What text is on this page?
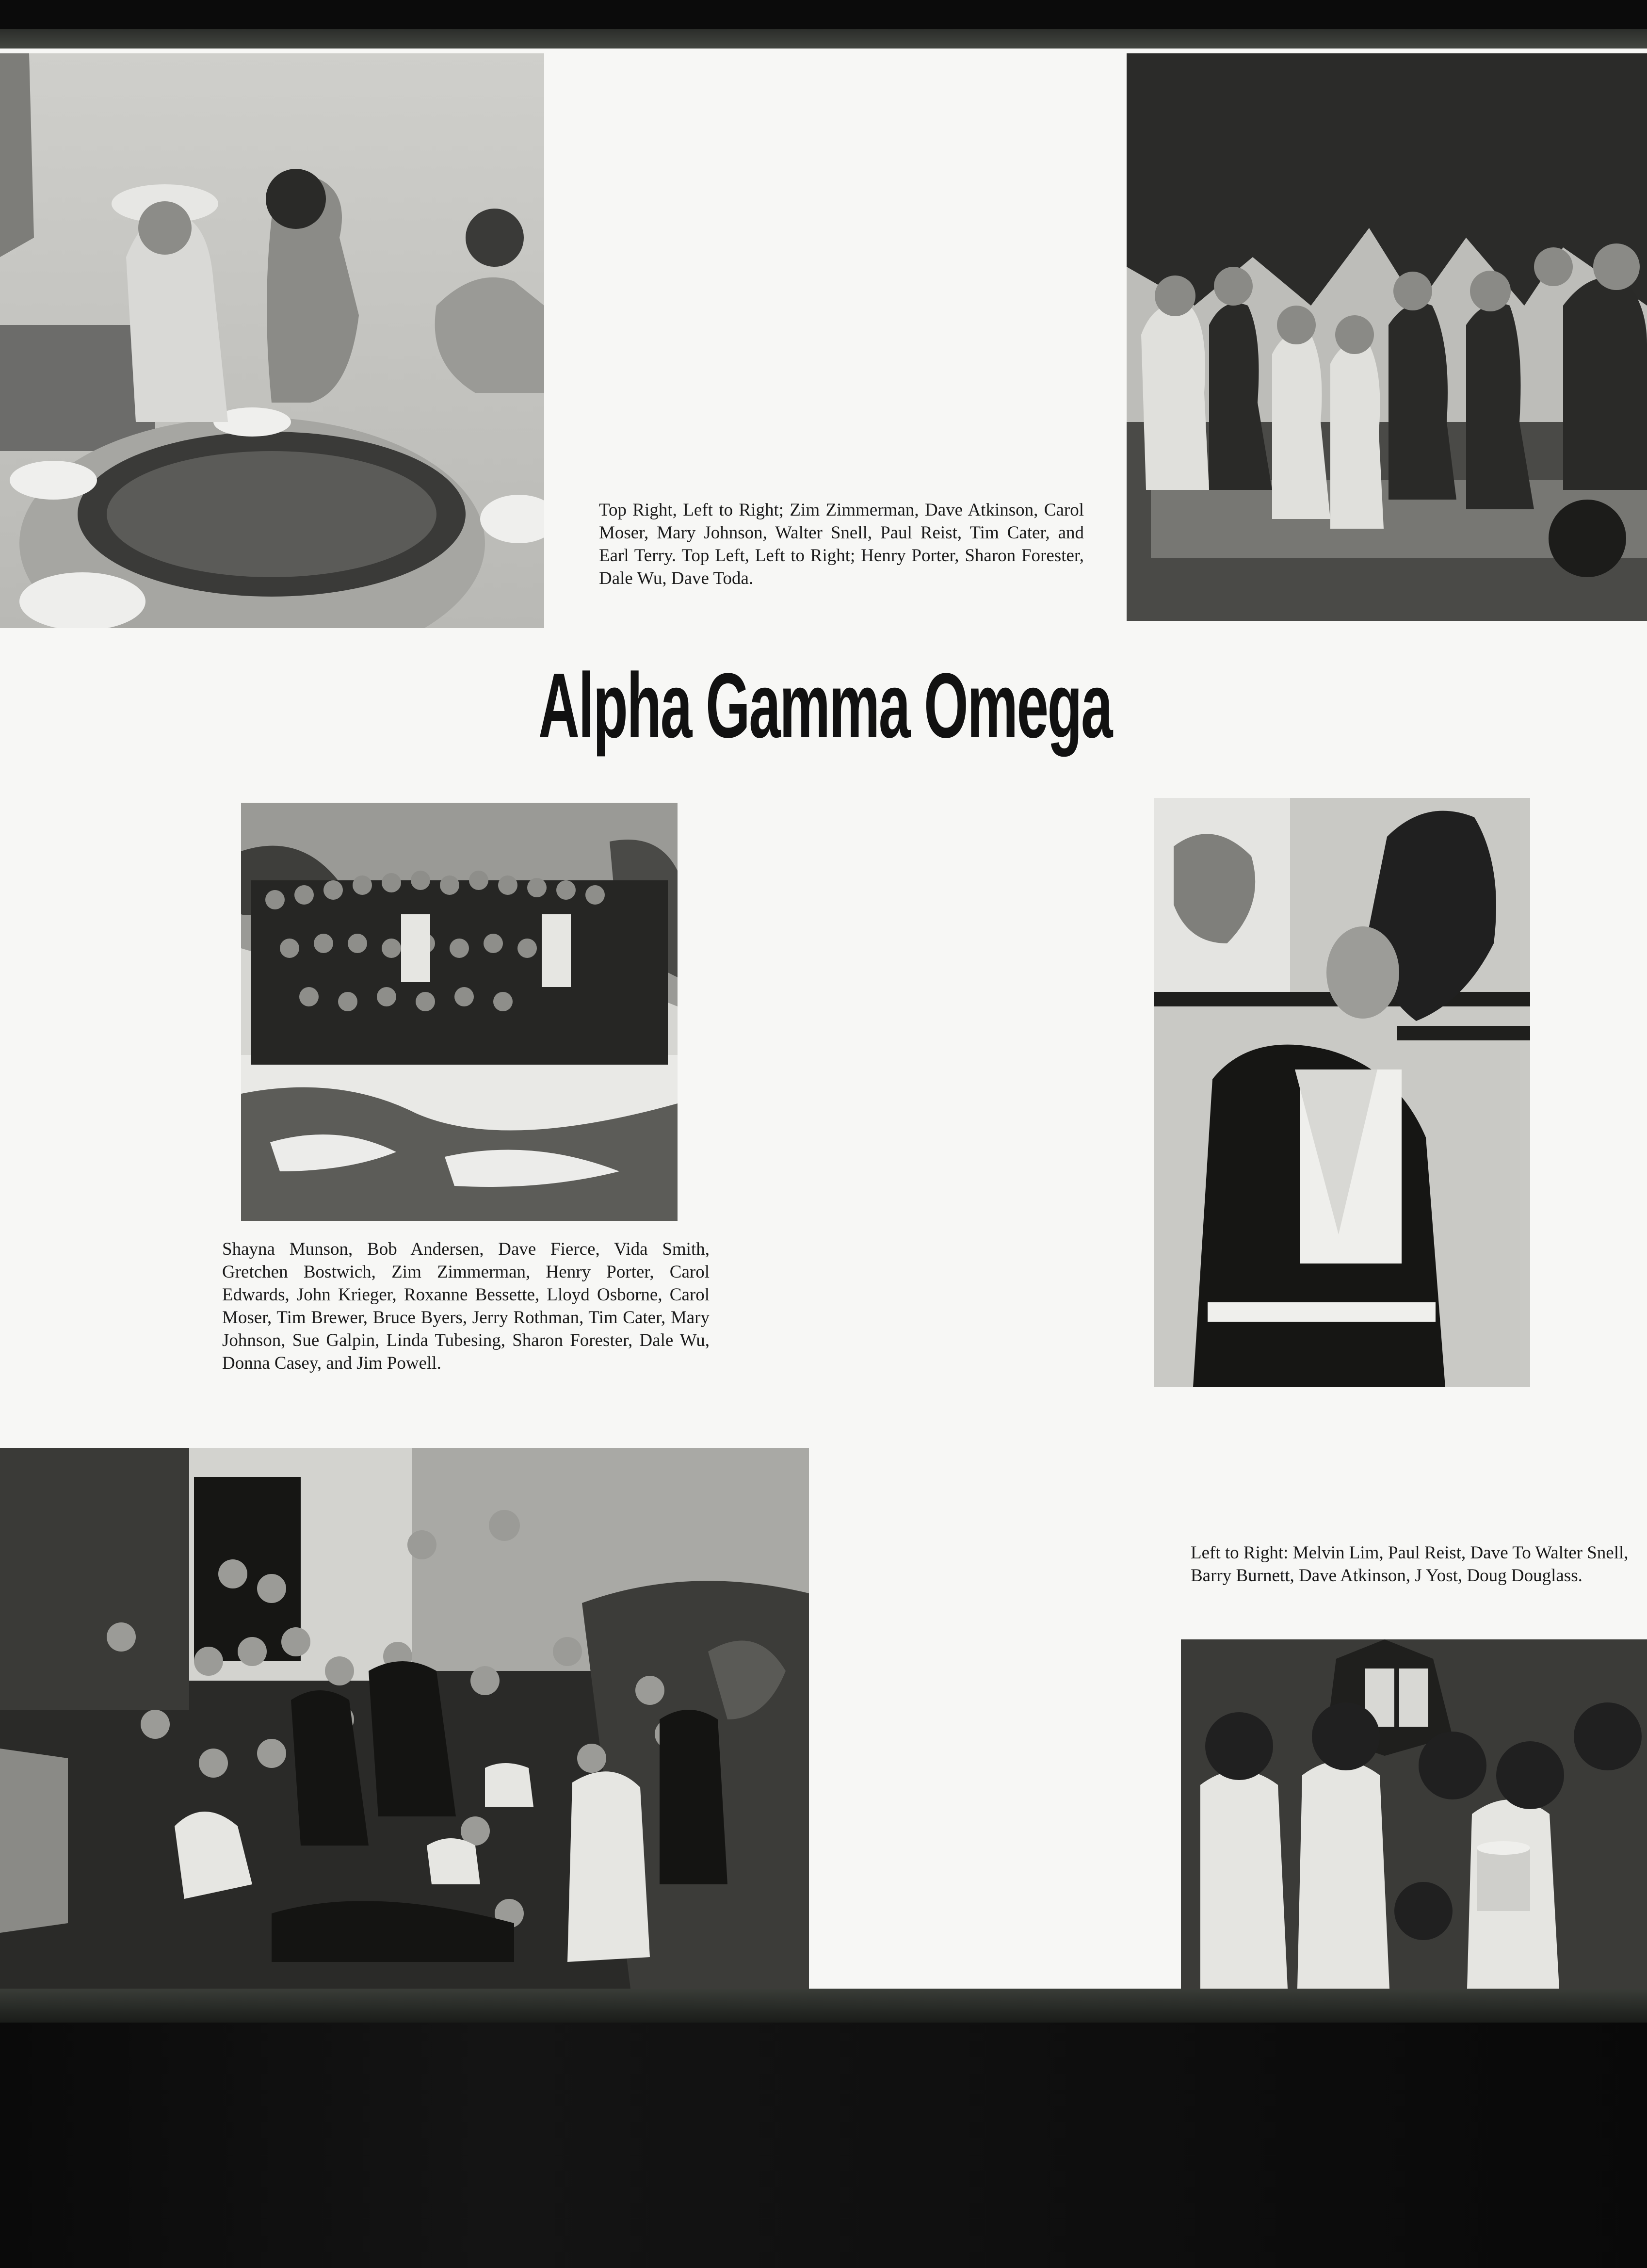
Top Right, Left to Right; Zim Zimmerman, Dave Atkinson, Carol Moser, Mary Johnson, Walter Snell, Paul Reist, Tim Cater, and Earl Terry. Top Left, Left to Right; Henry Porter, Sharon Forester, Dale Wu, Dave Toda.
Alpha Gamma Omega
Shayna Munson, Bob Andersen, Dave Fierce, Vida Smith, Gretchen Bostwich, Zim Zimmerman, Henry Porter, Carol Edwards, John Krieger, Roxanne Bessette, Lloyd Osborne, Carol Moser, Tim Brewer, Bruce Byers, Jerry Rothman, Tim Cater, Mary Johnson, Sue Galpin, Linda Tubesing, Sharon Forester, Dale Wu, Donna Casey, and Jim Powell.
Left to Right: Melvin Lim, Paul Reist, Dave To Walter Snell, Barry Burnett, Dave Atkinson, J Yost, Doug Douglass.
